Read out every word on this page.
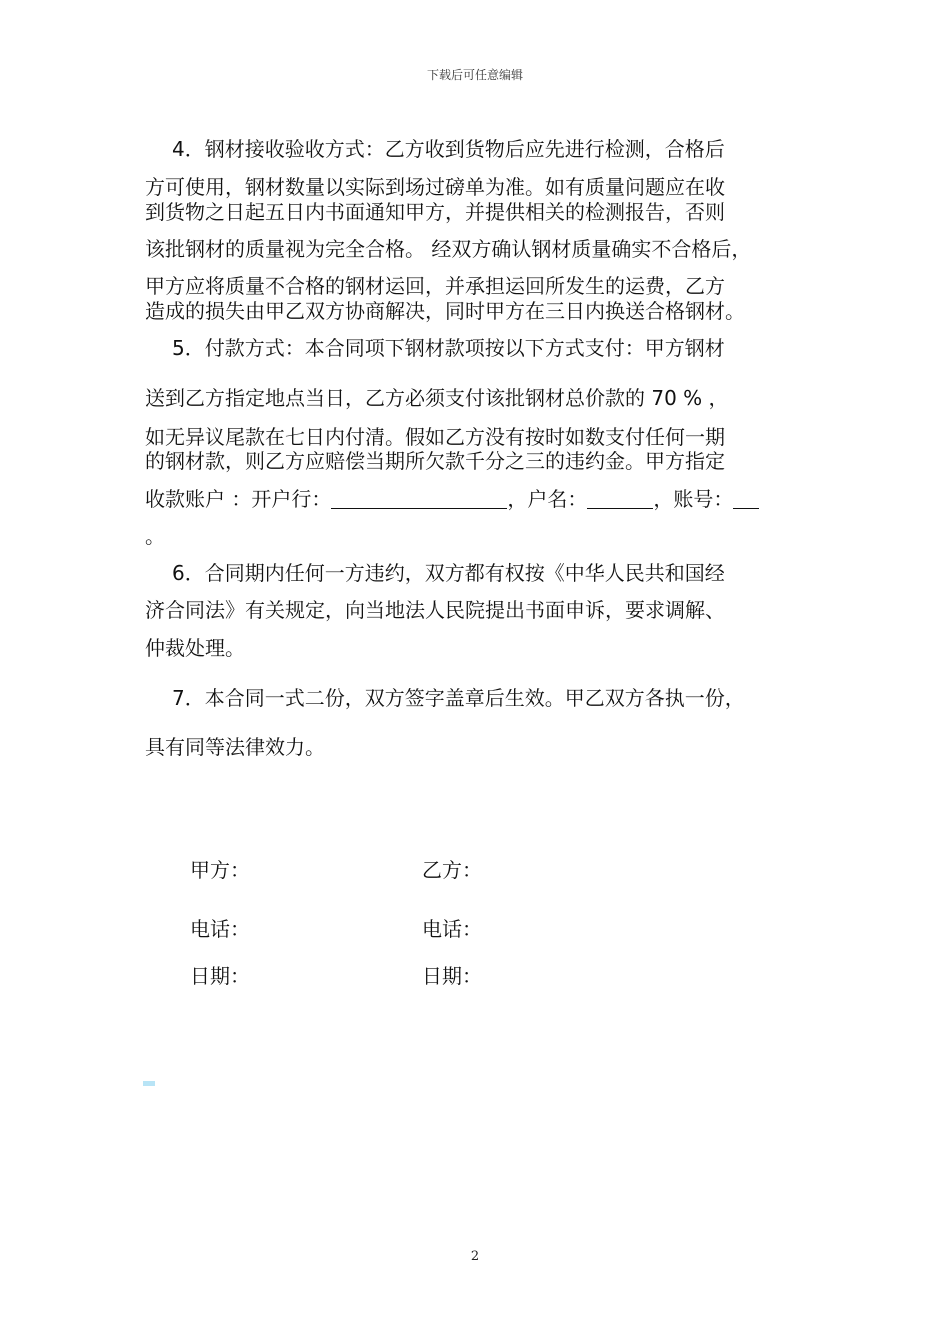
下载后可任意编辑
4．钢材接收验收方式：乙方收到货物后应先进行检测，合格后
方可使用，钢材数量以实际到场过磅单为准。如有质量问题应在收
到货物之日起五日内书面通知甲方，并提供相关的检测报告，否则
该批钢材的质量视为完全合格。 经双方确认钢材质量确实不合格后，
甲方应将质量不合格的钢材运回，并承担运回所发生的运费，乙方
造成的损失由甲乙双方协商解决，同时甲方在三日内换送合格钢材。
5．付款方式：本合同项下钢材款项按以下方式支付：甲方钢材
送到乙方指定地点当日，乙方必须支付该批钢材总价款的 70 % ，
如无异议尾款在七日内付清。假如乙方没有按时如数支付任何一期
的钢材款，则乙方应赔偿当期所欠款千分之三的违约金。甲方指定
收款账户 ：开户行：	，户名：	，账号：
。
6．合同期内任何一方违约，双方都有权按《中华人民共和国经
济合同法》有关规定，向当地法人民院提出书面申诉，要求调解、
仲裁处理。
7．本合同一式二份，双方签字盖章后生效。甲乙双方各执一份，
具有同等法律效力。
甲方：	乙方：
电话：	电话：
日期：	日期：
2
